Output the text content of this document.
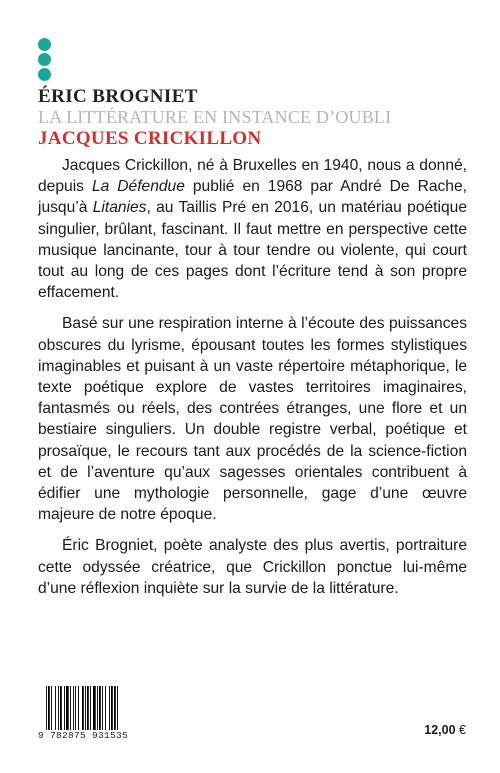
ÉRIC BROGNIET
LA LITTÉRATURE EN INSTANCE D’OUBLI
JACQUES CRICKILLON

Jacques Crickillon, né à Bruxelles en 1940, nous a donné, depuis La Défendue publié en 1968 par André De Rache, jusqu’à Litanies, au Taillis Pré en 2016, un matériau poétique singulier, brûlant, fascinant. Il faut mettre en perspective cette musique lancinante, tour à tour tendre ou violente, qui court tout au long de ces pages dont l’écriture tend à son propre effacement.

Basé sur une respiration interne à l’écoute des puissances obscures du lyrisme, épousant toutes les formes stylistiques imaginables et puisant à un vaste répertoire métaphorique, le texte poétique explore de vastes territoires imaginaires, fantasmés ou réels, des contrées étranges, une flore et un bestiaire singuliers. Un double registre verbal, poétique et prosaïque, le recours tant aux procédés de la science-fiction et de l’aventure qu’aux sagesses orientales contribuent à édifier une mythologie personnelle, gage d’une œuvre majeure de notre époque.

Éric Brogniet, poète analyste des plus avertis, portraiture cette odyssée créatrice, que Crickillon ponctue lui-même d’une réflexion inquiète sur la survie de la littérature.

9 782875 931535	12,00 €
